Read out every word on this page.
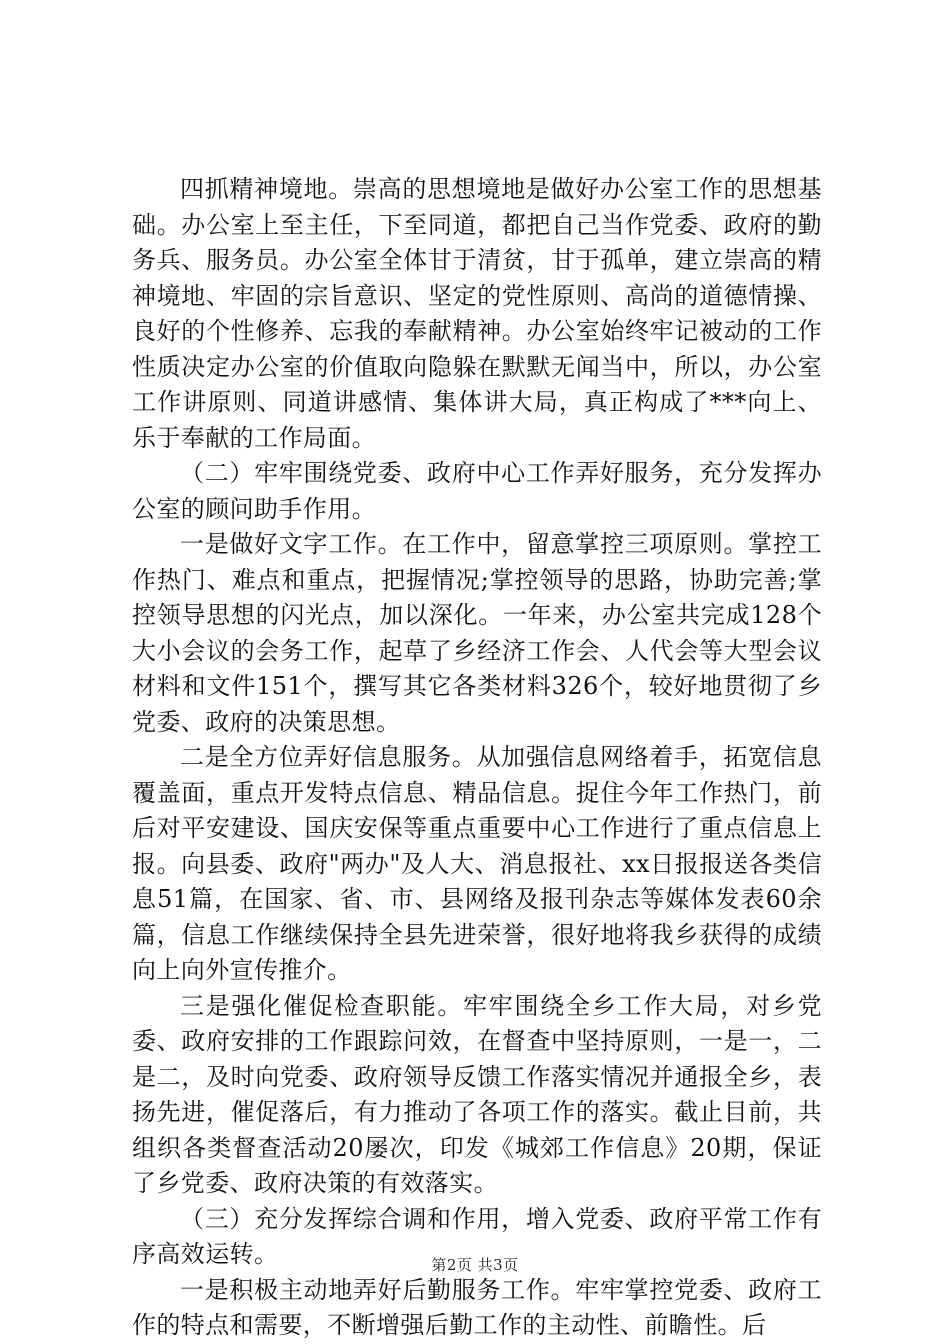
四抓精神境地。崇高的思想境地是做好办公室工作的思想基础。办公室上至主任，下至同道，都把自己当作党委、政府的勤务兵、服务员。办公室全体甘于清贫，甘于孤单，建立崇高的精神境地、牢固的宗旨意识、坚定的党性原则、高尚的道德情操、良好的个性修养、忘我的奉献精神。办公室始终牢记被动的工作性质决定办公室的价值取向隐躲在默默无闻当中，所以，办公室工作讲原则、同道讲感情、集体讲大局，真正构成了***向上、乐于奉献的工作局面。

（二）牢牢围绕党委、政府中心工作弄好服务，充分发挥办公室的顾问助手作用。

一是做好文字工作。在工作中，留意掌控三项原则。掌控工作热门、难点和重点，把握情况;掌控领导的思路，协助完善;掌控领导思想的闪光点，加以深化。一年来，办公室共完成128个大小会议的会务工作，起草了乡经济工作会、人代会等大型会议材料和文件151个，撰写其它各类材料326个，较好地贯彻了乡党委、政府的决策思想。

二是全方位弄好信息服务。从加强信息网络着手，拓宽信息覆盖面，重点开发特点信息、精品信息。捉住今年工作热门，前后对平安建设、国庆安保等重点重要中心工作进行了重点信息上报。向县委、政府"两办"及人大、消息报社、xx日报报送各类信息51篇，在国家、省、市、县网络及报刊杂志等媒体发表60余篇，信息工作继续保持全县先进荣誉，很好地将我乡获得的成绩向上向外宣传推介。

三是强化催促检查职能。牢牢围绕全乡工作大局，对乡党委、政府安排的工作跟踪问效，在督查中坚持原则，一是一，二是二，及时向党委、政府领导反馈工作落实情况并通报全乡，表扬先进，催促落后，有力推动了各项工作的落实。截止目前，共组织各类督查活动20屡次，印发《城郊工作信息》20期，保证了乡党委、政府决策的有效落实。

（三）充分发挥综合调和作用，增入党委、政府平常工作有序高效运转。

一是积极主动地弄好后勤服务工作。牢牢掌控党委、政府工作的特点和需要，不断增强后勤工作的主动性、前瞻性。后

第2页 共3页
